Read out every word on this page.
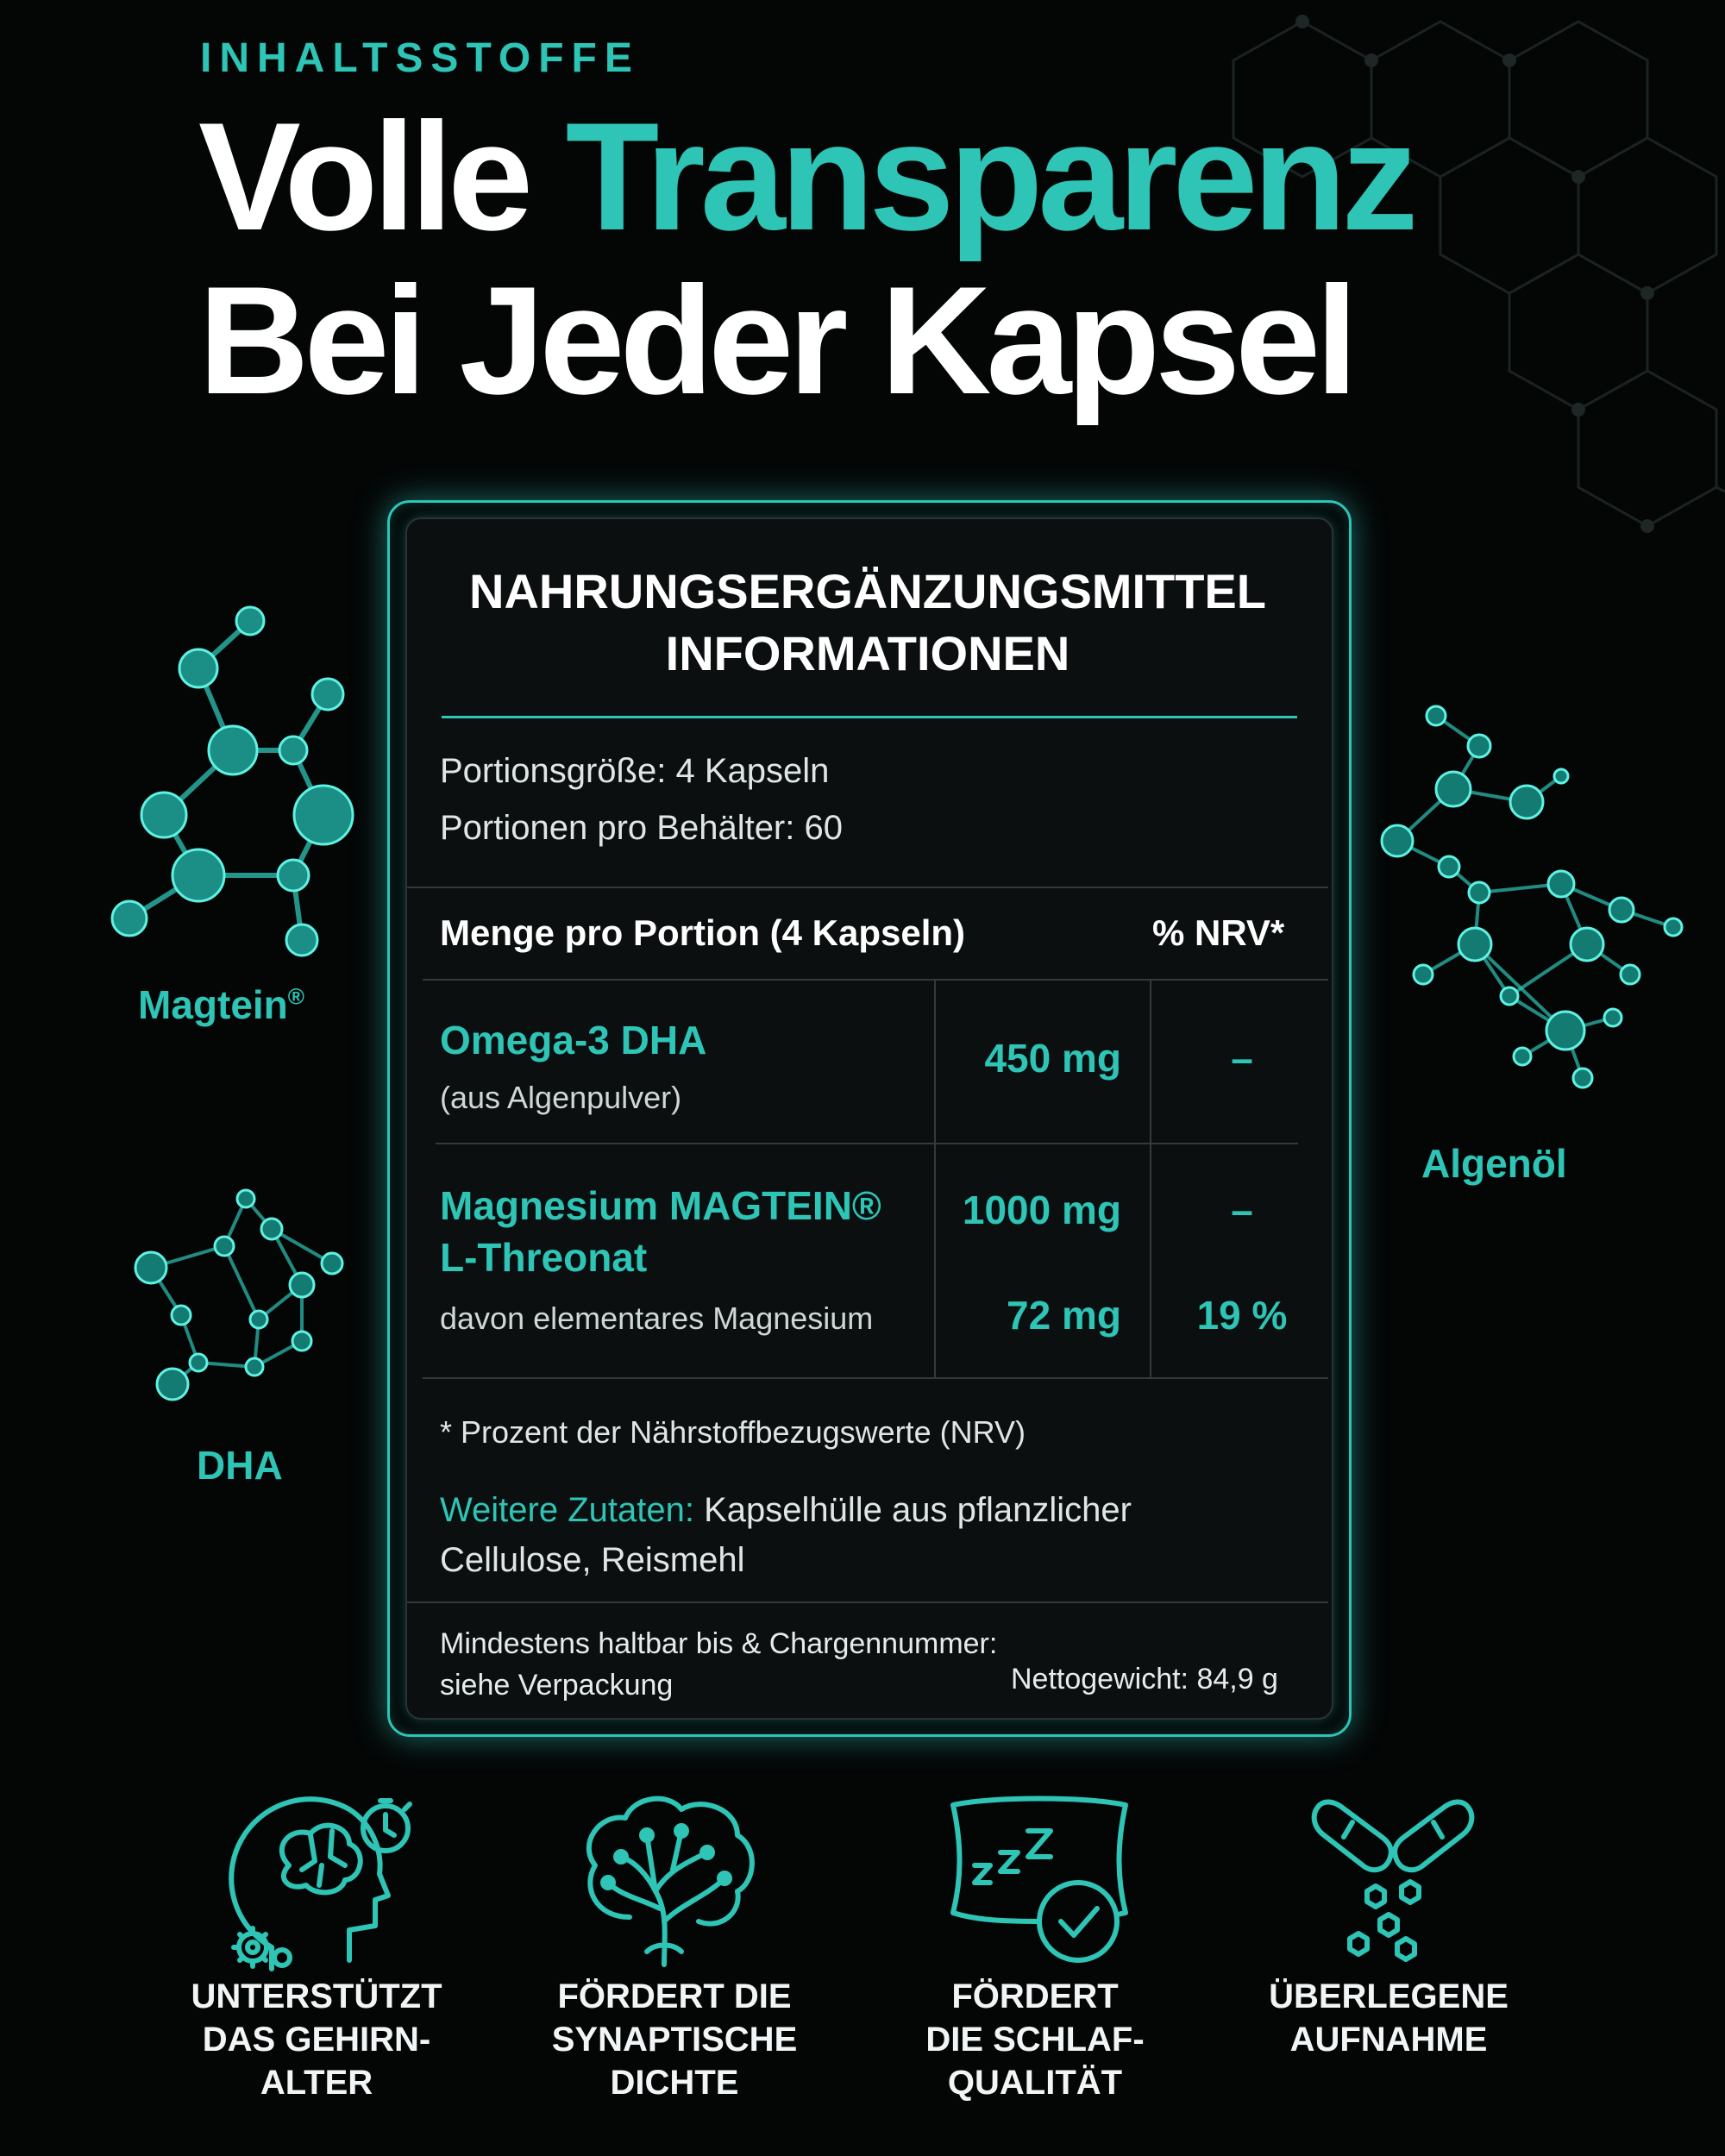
INHALTSSTOFFE
Volle Transparenz
Bei Jeder Kapsel
Magtein®
DHA
Algenöl
NAHRUNGSERGÄNZUNGSMITTEL
INFORMATIONEN
Portionsgröße: 4 Kapseln
Portionen pro Behälter: 60
Menge pro Portion (4 Kapseln)	% NRV*
Omega-3 DHA
(aus Algenpulver)
450 mg	–
Magnesium MAGTEIN®
L-Threonat
1000 mg	–
davon elementares Magnesium	72 mg	19 %
* Prozent der Nährstoffbezugswerte (NRV)
Weitere Zutaten: Kapselhülle aus pflanzlicher
Cellulose, Reismehl
Mindestens haltbar bis & Chargennummer:
siehe Verpackung	Nettogewicht: 84,9 g
UNTERSTÜTZT
DAS GEHIRN-
ALTER
FÖRDERT DIE
SYNAPTISCHE
DICHTE
FÖRDERT
DIE SCHLAF-
QUALITÄT
ÜBERLEGENE
AUFNAHME
